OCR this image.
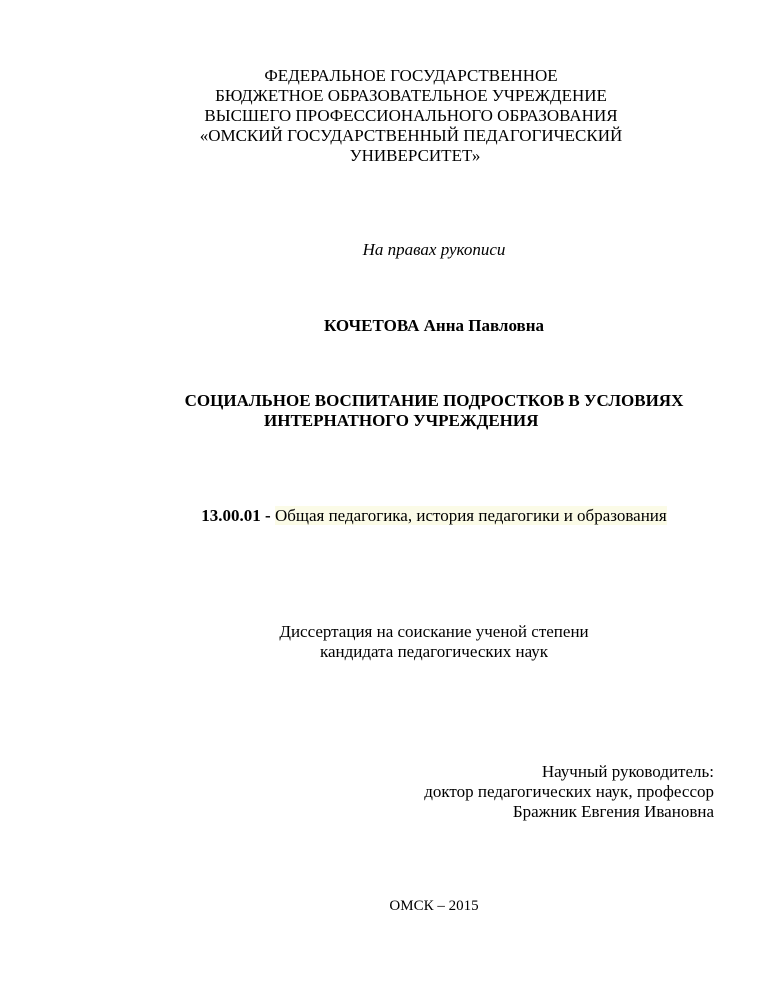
ФЕДЕРАЛЬНОЕ ГОСУДАРСТВЕННОЕ
БЮДЖЕТНОЕ ОБРАЗОВАТЕЛЬНОЕ УЧРЕЖДЕНИЕ
ВЫСШЕГО ПРОФЕССИОНАЛЬНОГО ОБРАЗОВАНИЯ
«ОМСКИЙ ГОСУДАРСТВЕННЫЙ ПЕДАГОГИЧЕСКИЙ
УНИВЕРСИТЕТ»
На правах рукописи
КОЧЕТОВА Анна Павловна
СОЦИАЛЬНОЕ ВОСПИТАНИЕ ПОДРОСТКОВ В УСЛОВИЯХ
ИНТЕРНАТНОГО УЧРЕЖДЕНИЯ
13.00.01 - Общая педагогика, история педагогики и образования
Диссертация на соискание ученой степени
кандидата педагогических наук
Научный руководитель:
доктор педагогических наук, профессор
Бражник Евгения Ивановна
ОМСК – 2015
